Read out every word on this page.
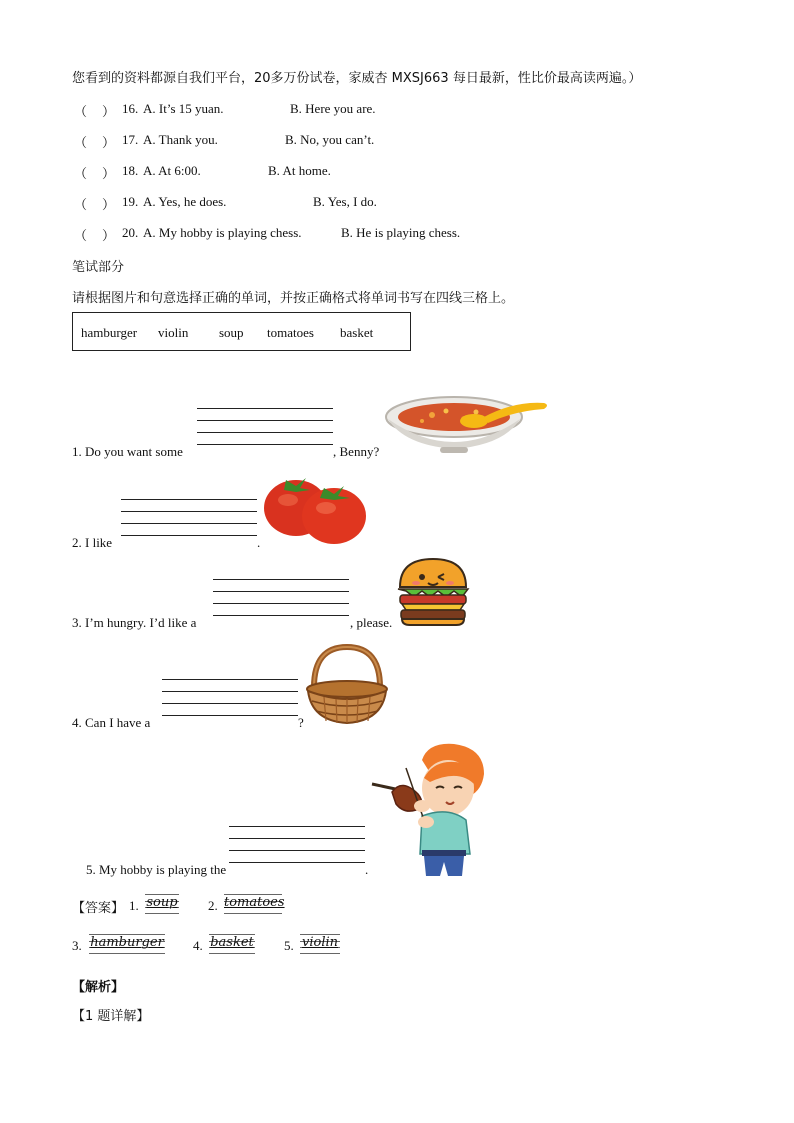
您看到的资料都源自我们平台，20多万份试卷，家威杏 MXSJ663 每日最新，性比价最高读两遍。）
（ ） 16. A. It’s 15 yuan.	B. Here you are.
（ ） 17. A. Thank you.	B. No, you can’t.
（ ） 18. A. At 6:00.	B. At home.
（ ） 19. A. Yes, he does.	B. Yes, I do.
（ ） 20. A. My hobby is playing chess.	B. He is playing chess.
笔试部分
请根据图片和句意选择正确的单词，并按正确格式将单词书写在四线三格上。
hamburger violin soup tomatoes basket
1. Do you want some	, Benny?
2. I like	.
3. I’m hungry. I’d like a	, please.
4. Can I have a	?
5. My hobby is playing the	.
【答案】 1. soup 2. tomatoes
3. hamburger 4. basket 5. violin
【解析】
【1 题详解】
